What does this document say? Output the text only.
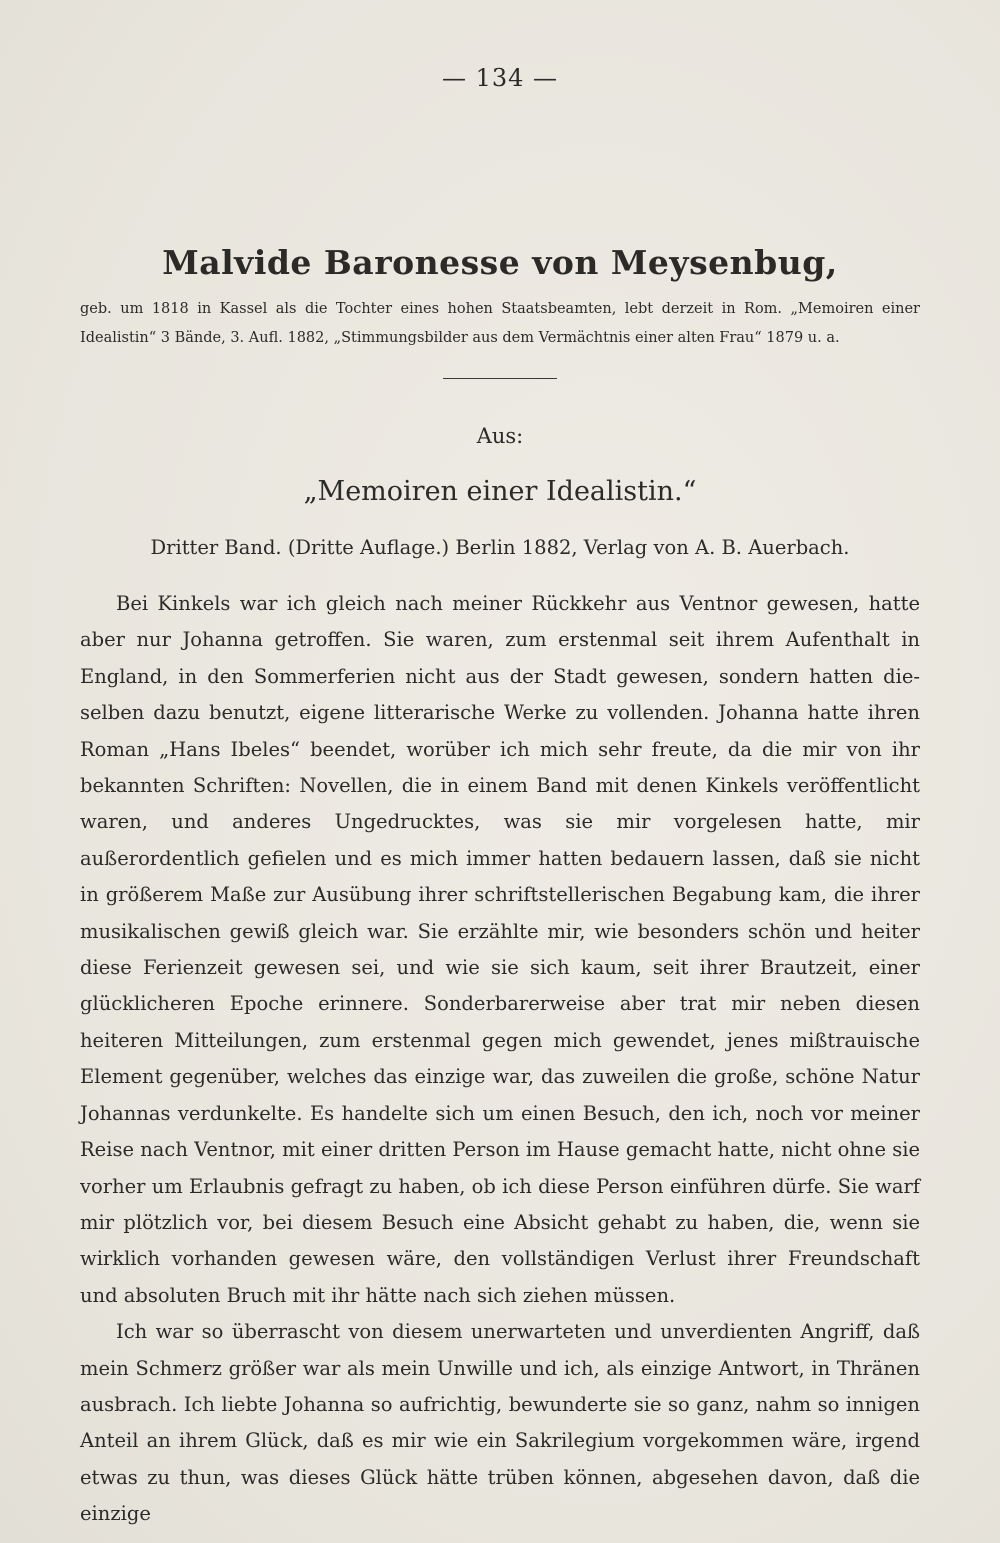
— 134 —
Malvide Baronesse von Meysenbug,
geb. um 1818 in Kassel als die Tochter eines hohen Staatsbeamten, lebt derzeit in Rom. „Memoiren einer Idealistin“ 3 Bände, 3. Aufl. 1882, „Stimmungsbilder aus dem Vermächtnis einer alten Frau“ 1879 u. a.
Aus:
„Memoiren einer Idealistin.“
Dritter Band. (Dritte Auflage.) Berlin 1882, Verlag von A. B. Auerbach.

Bei Kinkels war ich gleich nach meiner Rückkehr aus Ventnor gewesen, hatte aber nur Johanna getroffen. Sie waren, zum erstenmal seit ihrem Aufenthalt in England, in den Sommerferien nicht aus der Stadt gewesen, sondern hatten dieselben dazu benutzt, eigene litterarische Werke zu vollenden. Johanna hatte ihren Roman „Hans Ibeles“ beendet, worüber ich mich sehr freute, da die mir von ihr bekannten Schriften: Novellen, die in einem Band mit denen Kinkels veröffentlicht waren, und anderes Ungedrucktes, was sie mir vorgelesen hatte, mir außerordentlich gefielen und es mich immer hatten bedauern lassen, daß sie nicht in größerem Maße zur Ausübung ihrer schriftstellerischen Begabung kam, die ihrer musikalischen gewiß gleich war. Sie erzählte mir, wie besonders schön und heiter diese Ferienzeit gewesen sei, und wie sie sich kaum, seit ihrer Brautzeit, einer glücklicheren Epoche erinnere. Sonderbarerweise aber trat mir neben diesen heiteren Mitteilungen, zum erstenmal gegen mich gewendet, jenes mißtrauische Element gegenüber, welches das einzige war, das zuweilen die große, schöne Natur Johannas verdunkelte. Es handelte sich um einen Besuch, den ich, noch vor meiner Reise nach Ventnor, mit einer dritten Person im Hause gemacht hatte, nicht ohne sie vorher um Erlaubnis gefragt zu haben, ob ich diese Person einführen dürfe. Sie warf mir plötzlich vor, bei diesem Besuch eine Absicht gehabt zu haben, die, wenn sie wirklich vorhanden gewesen wäre, den vollständigen Verlust ihrer Freundschaft und absoluten Bruch mit ihr hätte nach sich ziehen müssen.

Ich war so überrascht von diesem unerwarteten und unverdienten Angriff, daß mein Schmerz größer war als mein Unwille und ich, als einzige Antwort, in Thränen ausbrach. Ich liebte Johanna so aufrichtig, bewunderte sie so ganz, nahm so innigen Anteil an ihrem Glück, daß es mir wie ein Sakrilegium vorgekommen wäre, irgend etwas zu thun, was dieses Glück hätte trüben können, abgesehen davon, daß die einzige
